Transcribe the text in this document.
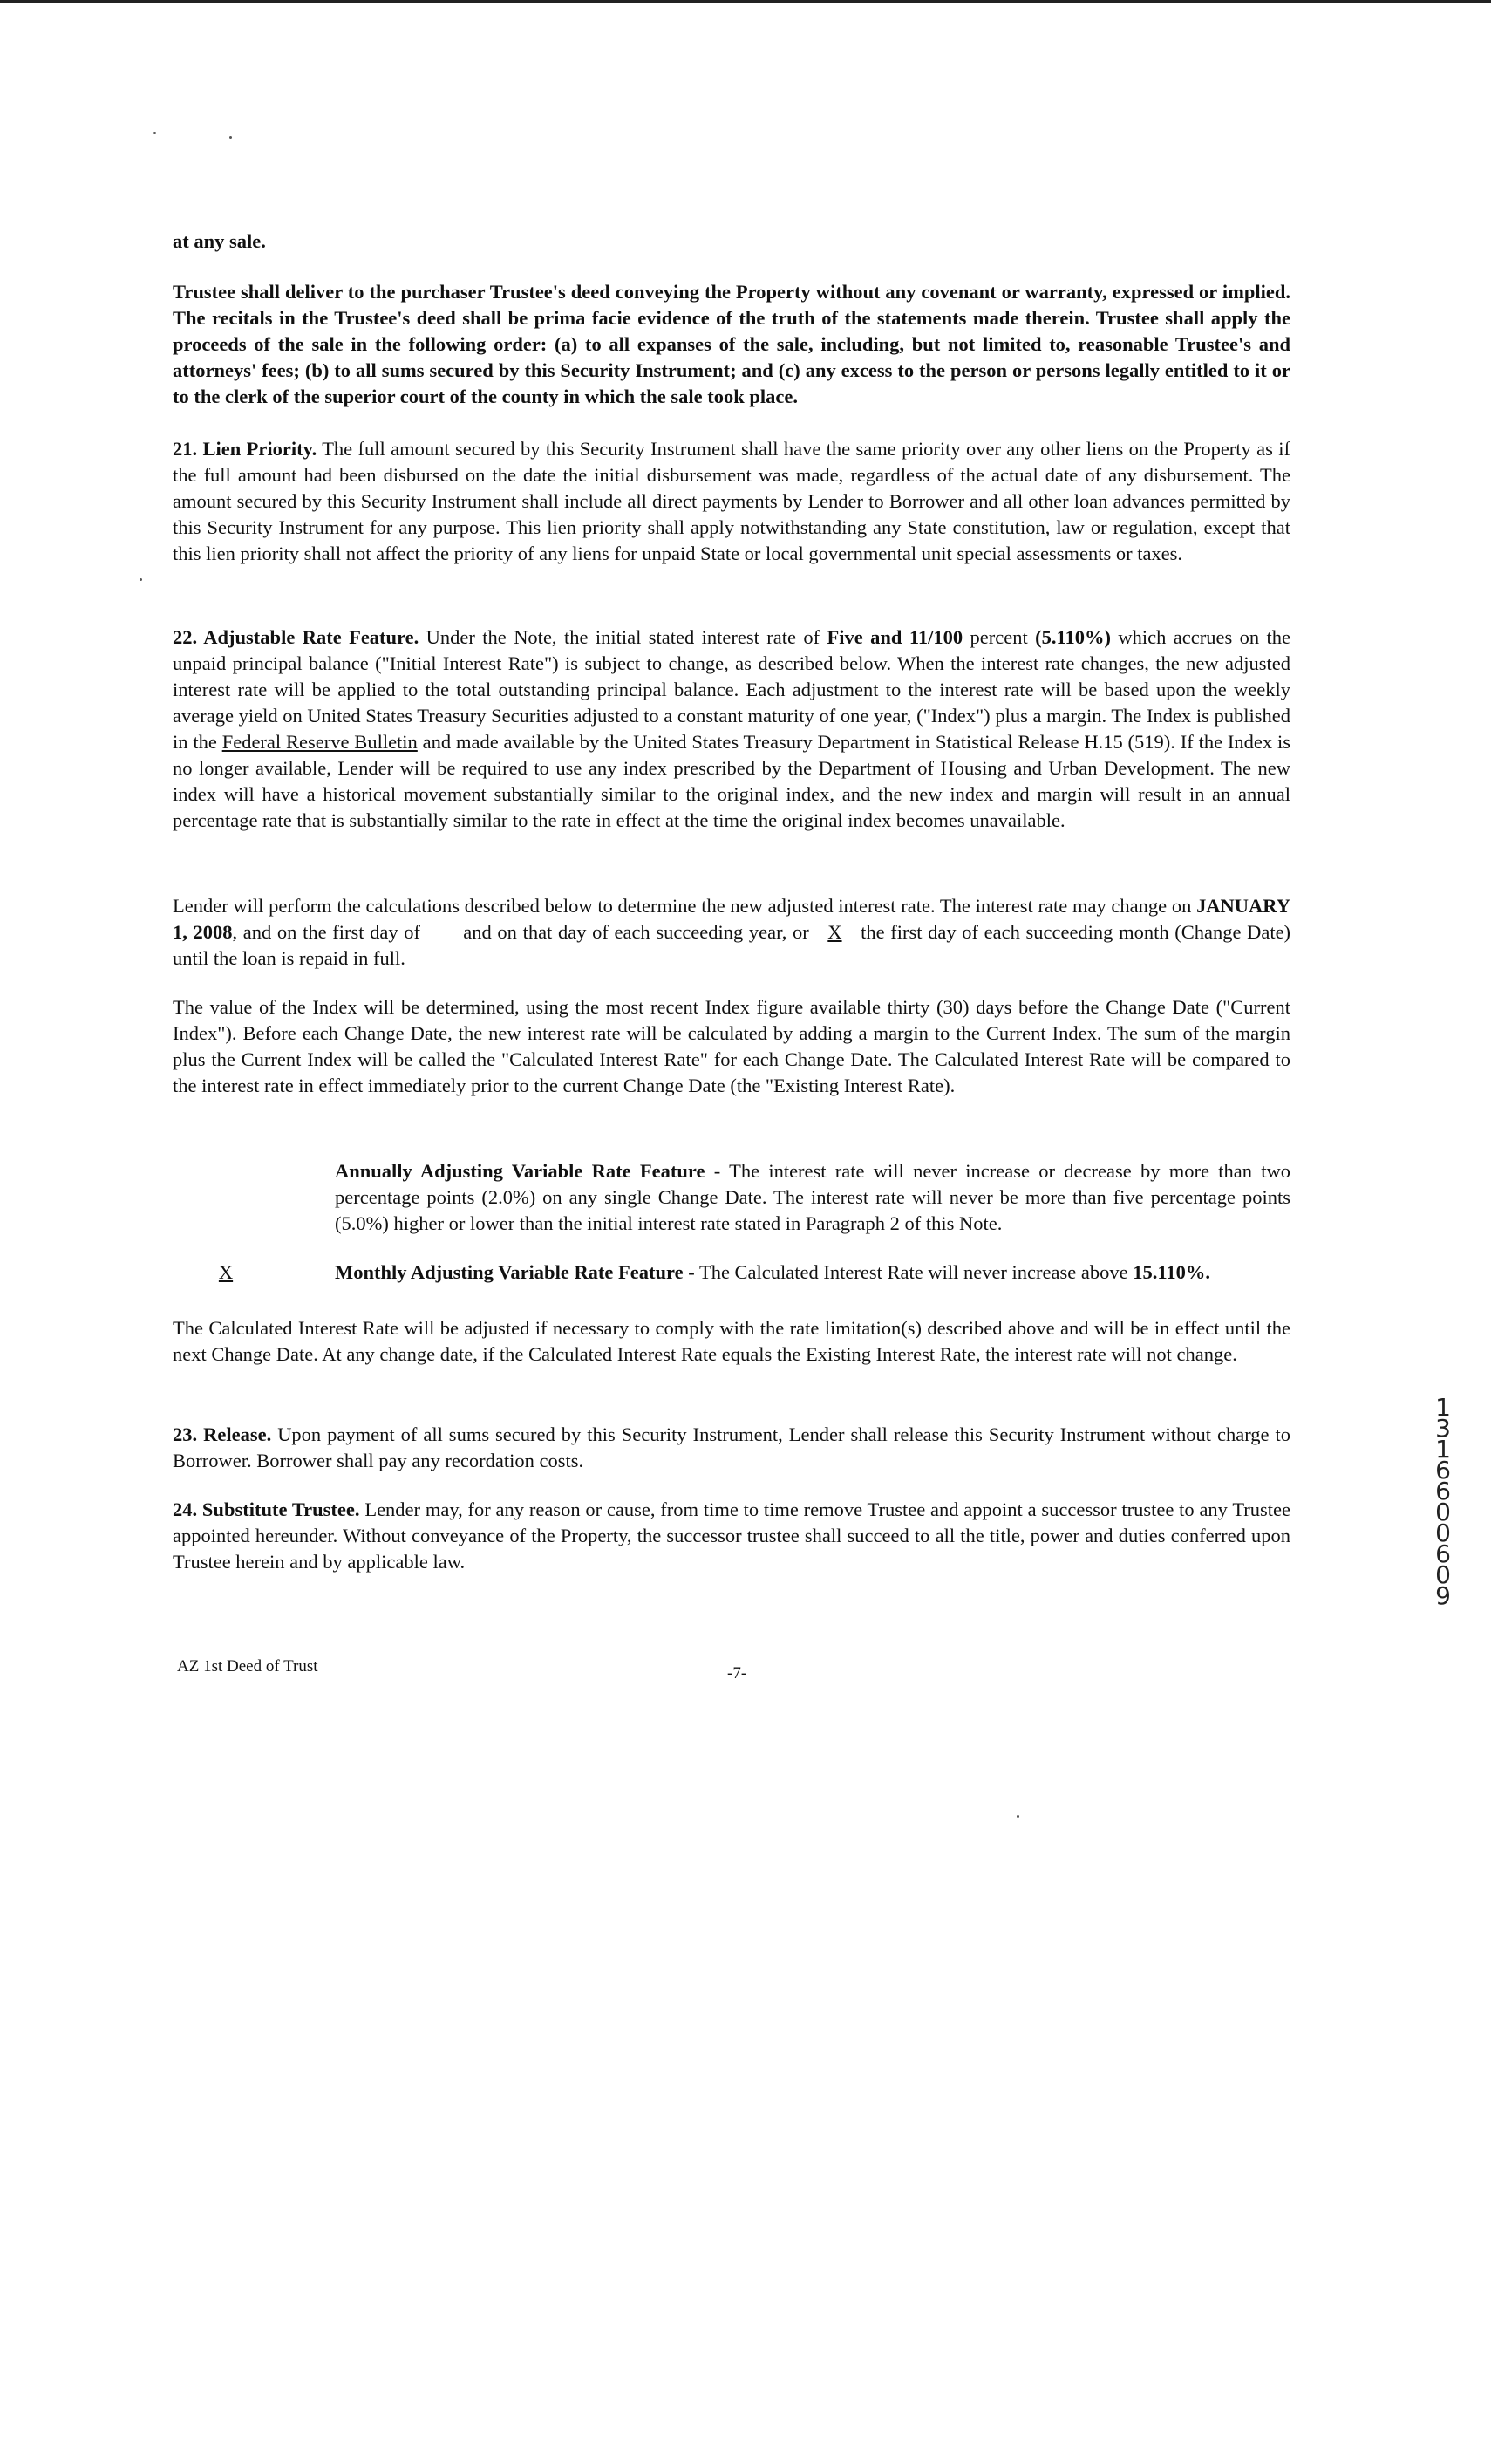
at any sale.

Trustee shall deliver to the purchaser Trustee's deed conveying the Property without any covenant or warranty, expressed or implied. The recitals in the Trustee's deed shall be prima facie evidence of the truth of the statements made therein. Trustee shall apply the proceeds of the sale in the following order: (a) to all expanses of the sale, including, but not limited to, reasonable Trustee's and attorneys' fees; (b) to all sums secured by this Security Instrument; and (c) any excess to the person or persons legally entitled to it or to the clerk of the superior court of the county in which the sale took place.

21. Lien Priority. The full amount secured by this Security Instrument shall have the same priority over any other liens on the Property as if the full amount had been disbursed on the date the initial disbursement was made, regardless of the actual date of any disbursement. The amount secured by this Security Instrument shall include all direct payments by Lender to Borrower and all other loan advances permitted by this Security Instrument for any purpose. This lien priority shall apply notwithstanding any State constitution, law or regulation, except that this lien priority shall not affect the priority of any liens for unpaid State or local governmental unit special assessments or taxes.

22. Adjustable Rate Feature. Under the Note, the initial stated interest rate of Five and 11/100 percent (5.110%) which accrues on the unpaid principal balance ("Initial Interest Rate") is subject to change, as described below. When the interest rate changes, the new adjusted interest rate will be applied to the total outstanding principal balance. Each adjustment to the interest rate will be based upon the weekly average yield on United States Treasury Securities adjusted to a constant maturity of one year, ("Index") plus a margin. The Index is published in the Federal Reserve Bulletin and made available by the United States Treasury Department in Statistical Release H.15 (519). If the Index is no longer available, Lender will be required to use any index prescribed by the Department of Housing and Urban Development. The new index will have a historical movement substantially similar to the original index, and the new index and margin will result in an annual percentage rate that is substantially similar to the rate in effect at the time the original index becomes unavailable.

Lender will perform the calculations described below to determine the new adjusted interest rate. The interest rate may change on JANUARY 1, 2008, and on the first day of and on that day of each succeeding year, or X the first day of each succeeding month (Change Date) until the loan is repaid in full.

The value of the Index will be determined, using the most recent Index figure available thirty (30) days before the Change Date ("Current Index"). Before each Change Date, the new interest rate will be calculated by adding a margin to the Current Index. The sum of the margin plus the Current Index will be called the "Calculated Interest Rate" for each Change Date. The Calculated Interest Rate will be compared to the interest rate in effect immediately prior to the current Change Date (the "Existing Interest Rate).

Annually Adjusting Variable Rate Feature - The interest rate will never increase or decrease by more than two percentage points (2.0%) on any single Change Date. The interest rate will never be more than five percentage points (5.0%) higher or lower than the initial interest rate stated in Paragraph 2 of this Note.

X	Monthly Adjusting Variable Rate Feature - The Calculated Interest Rate will never increase above 15.110%.

The Calculated Interest Rate will be adjusted if necessary to comply with the rate limitation(s) described above and will be in effect until the next Change Date. At any change date, if the Calculated Interest Rate equals the Existing Interest Rate, the interest rate will not change.

23. Release. Upon payment of all sums secured by this Security Instrument, Lender shall release this Security Instrument without charge to Borrower. Borrower shall pay any recordation costs.

24. Substitute Trustee. Lender may, for any reason or cause, from time to time remove Trustee and appoint a successor trustee to any Trustee appointed hereunder. Without conveyance of the Property, the successor trustee shall succeed to all the title, power and duties conferred upon Trustee herein and by applicable law.

AZ 1st Deed of Trust	-7-
1
3
1
6
6
0
0
6
0
9
